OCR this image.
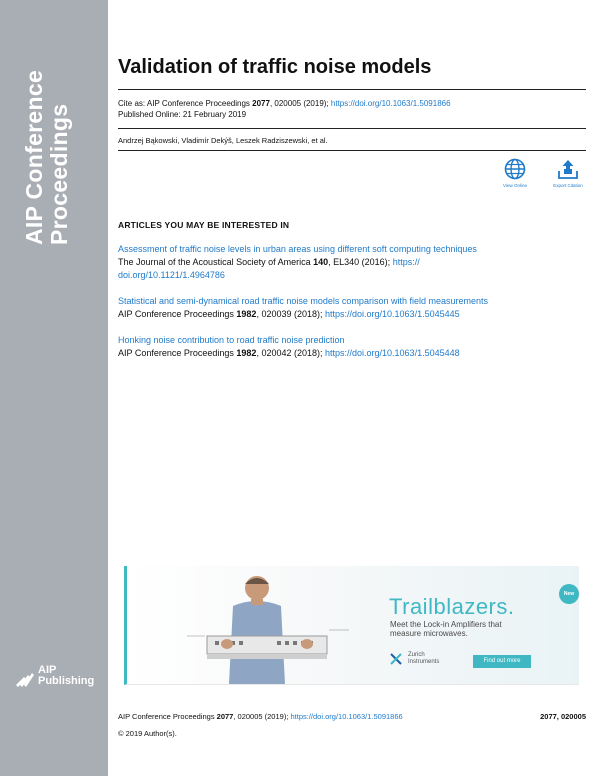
AIP Conference Proceedings
AIP
Publishing
Validation of traffic noise models
Cite as: AIP Conference Proceedings 2077, 020005 (2019); https://doi.org/10.1063/1.5091866
Published Online: 21 February 2019
Andrzej Bąkowski, Vladimír Dekýš, Leszek Radziszewski, et al.
View Online	Export Citation
ARTICLES YOU MAY BE INTERESTED IN
Assessment of traffic noise levels in urban areas using different soft computing techniques
The Journal of the Acoustical Society of America 140, EL340 (2016); https://
doi.org/10.1121/1.4964786
Statistical and semi-dynamical road traffic noise models comparison with field measurements
AIP Conference Proceedings 1982, 020039 (2018); https://doi.org/10.1063/1.5045445
Honking noise contribution to road traffic noise prediction
AIP Conference Proceedings 1982, 020042 (2018); https://doi.org/10.1063/1.5045448
New
Trailblazers.
Meet the Lock-in Amplifiers that
measure microwaves.
Zurich
Instruments	Find out more
AIP Conference Proceedings 2077, 020005 (2019); https://doi.org/10.1063/1.5091866	2077, 020005
© 2019 Author(s).
